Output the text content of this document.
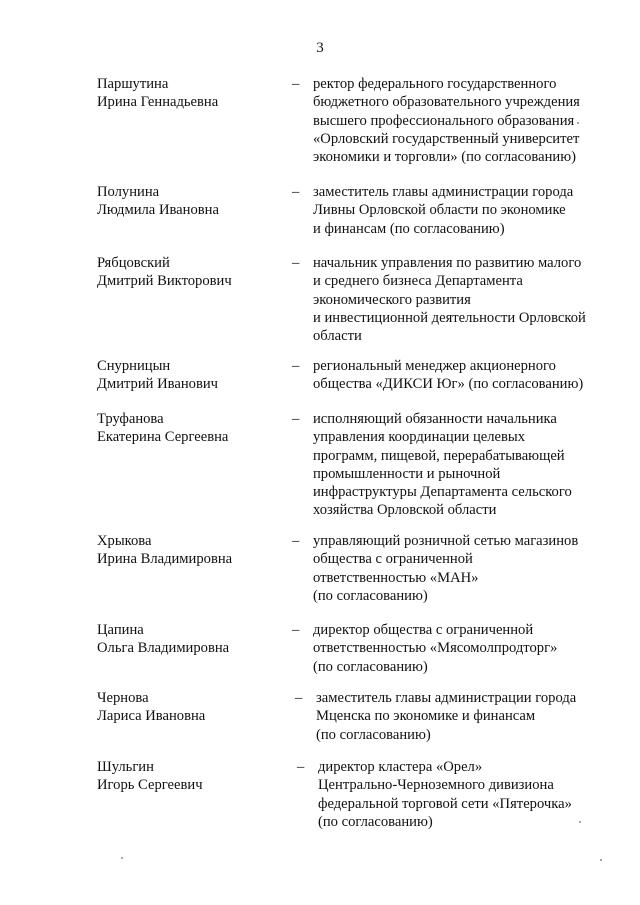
3
Паршутина
Ирина Геннадьевна
– ректор федерального государственного
бюджетного образовательного учреждения
высшего профессионального образования
«Орловский государственный университет
экономики и торговли» (по согласованию)
Полунина
Людмила Ивановна
– заместитель главы администрации города
Ливны Орловской области по экономике
и финансам (по согласованию)
Рябцовский
Дмитрий Викторович
– начальник управления по развитию малого
и среднего бизнеса Департамента
экономического развития
и инвестиционной деятельности Орловской
области
Снурницын
Дмитрий Иванович
– региональный менеджер акционерного
общества «ДИКСИ Юг» (по согласованию)
Труфанова
Екатерина Сергеевна
– исполняющий обязанности начальника
управления координации целевых
программ, пищевой, перерабатывающей
промышленности и рыночной
инфраструктуры Департамента сельского
хозяйства Орловской области
Хрыкова
Ирина Владимировна
– управляющий розничной сетью магазинов
общества с ограниченной
ответственностью «МАН»
(по согласованию)
Цапина
Ольга Владимировна
– директор общества с ограниченной
ответственностью «Мясомолпродторг»
(по согласованию)
Чернова
Лариса Ивановна
– заместитель главы администрации города
Мценска по экономике и финансам
(по согласованию)
Шульгин
Игорь Сергеевич
– директор кластера «Орел»
Центрально-Черноземного дивизиона
федеральной торговой сети «Пятерочка»
(по согласованию)
